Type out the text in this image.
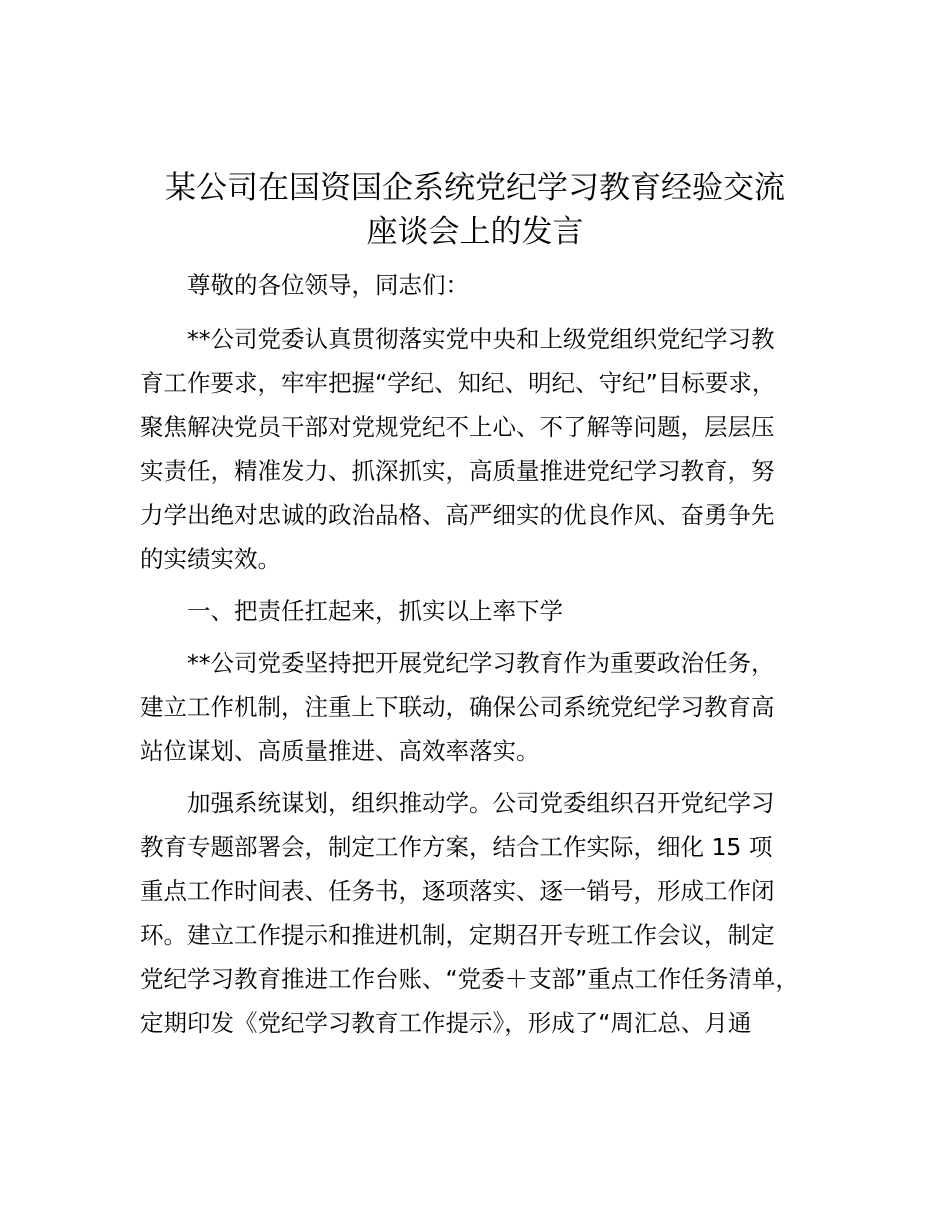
某公司在国资国企系统党纪学习教育经验交流
座谈会上的发言

尊敬的各位领导，同志们：

**公司党委认真贯彻落实党中央和上级党组织党纪学习教

育工作要求，牢牢把握“学纪、知纪、明纪、守纪”目标要求，

聚焦解决党员干部对党规党纪不上心、不了解等问题，层层压

实责任，精准发力、抓深抓实，高质量推进党纪学习教育，努

力学出绝对忠诚的政治品格、高严细实的优良作风、奋勇争先

的实绩实效。

一、把责任扛起来，抓实以上率下学

**公司党委坚持把开展党纪学习教育作为重要政治任务，

建立工作机制，注重上下联动，确保公司系统党纪学习教育高

站位谋划、高质量推进、高效率落实。

加强系统谋划，组织推动学。公司党委组织召开党纪学习

教育专题部署会，制定工作方案，结合工作实际，细化 15 项

重点工作时间表、任务书，逐项落实、逐一销号，形成工作闭

环。建立工作提示和推进机制，定期召开专班工作会议，制定

党纪学习教育推进工作台账、“党委＋支部”重点工作任务清单，

定期印发《党纪学习教育工作提示》，形成了“周汇总、月通
